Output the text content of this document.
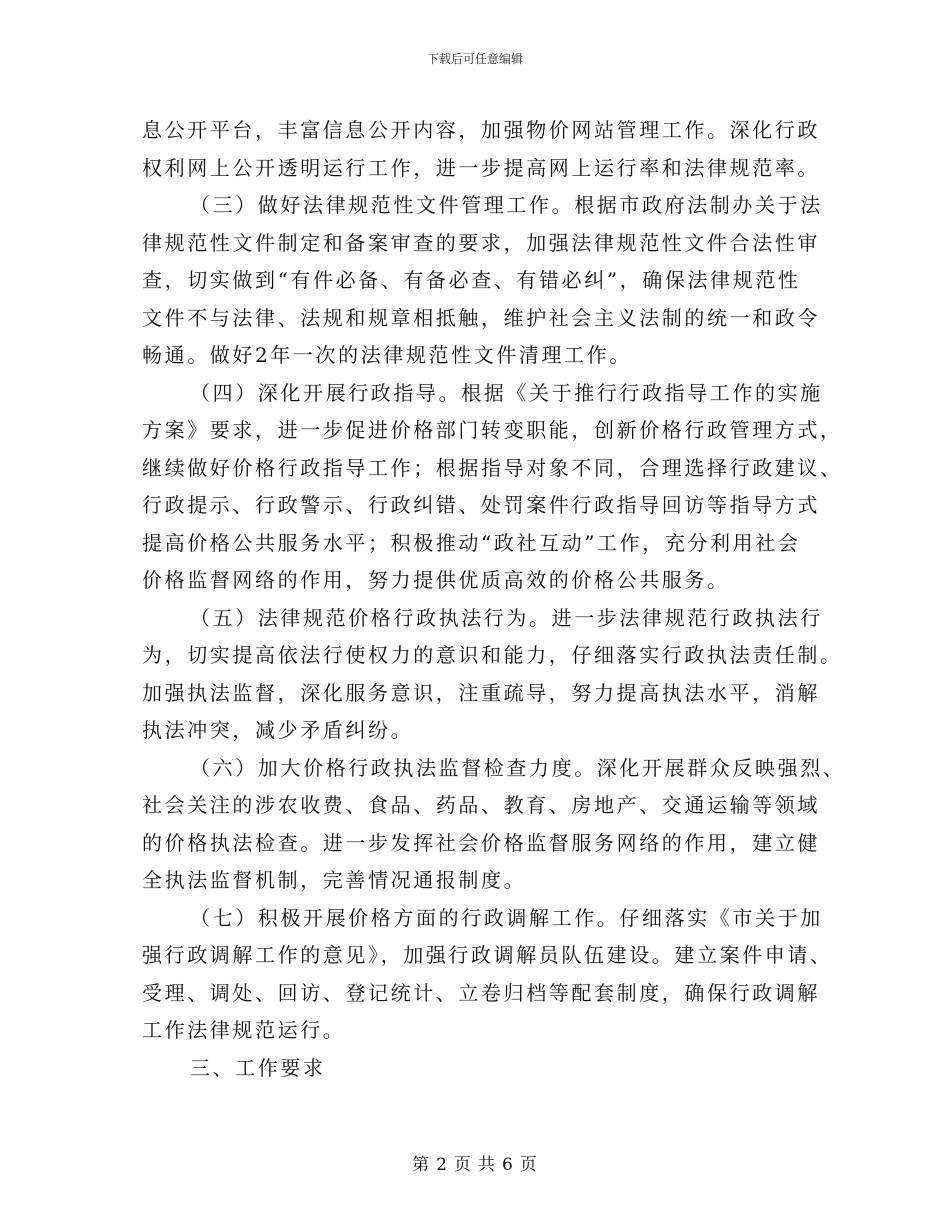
下载后可任意编辑
息公开平台，丰富信息公开内容，加强物价网站管理工作。深化行政
权利网上公开透明运行工作，进一步提高网上运行率和法律规范率。
（三）做好法律规范性文件管理工作。根据市政府法制办关于法
律规范性文件制定和备案审查的要求，加强法律规范性文件合法性审
查，切实做到“有件必备、有备必查、有错必纠”，确保法律规范性
文件不与法律、法规和规章相抵触，维护社会主义法制的统一和政令
畅通。做好2年一次的法律规范性文件清理工作。
（四）深化开展行政指导。根据《关于推行行政指导工作的实施
方案》要求，进一步促进价格部门转变职能，创新价格行政管理方式，
继续做好价格行政指导工作；根据指导对象不同，合理选择行政建议、
行政提示、行政警示、行政纠错、处罚案件行政指导回访等指导方式
提高价格公共服务水平；积极推动“政社互动”工作，充分利用社会
价格监督网络的作用，努力提供优质高效的价格公共服务。
（五）法律规范价格行政执法行为。进一步法律规范行政执法行
为，切实提高依法行使权力的意识和能力，仔细落实行政执法责任制。
加强执法监督，深化服务意识，注重疏导，努力提高执法水平，消解
执法冲突，减少矛盾纠纷。
（六）加大价格行政执法监督检查力度。深化开展群众反映强烈、
社会关注的涉农收费、食品、药品、教育、房地产、交通运输等领域
的价格执法检查。进一步发挥社会价格监督服务网络的作用，建立健
全执法监督机制，完善情况通报制度。
（七）积极开展价格方面的行政调解工作。仔细落实《市关于加
强行政调解工作的意见》，加强行政调解员队伍建设。建立案件申请、
受理、调处、回访、登记统计、立卷归档等配套制度，确保行政调解
工作法律规范运行。
三、工作要求
第 2 页 共 6 页
